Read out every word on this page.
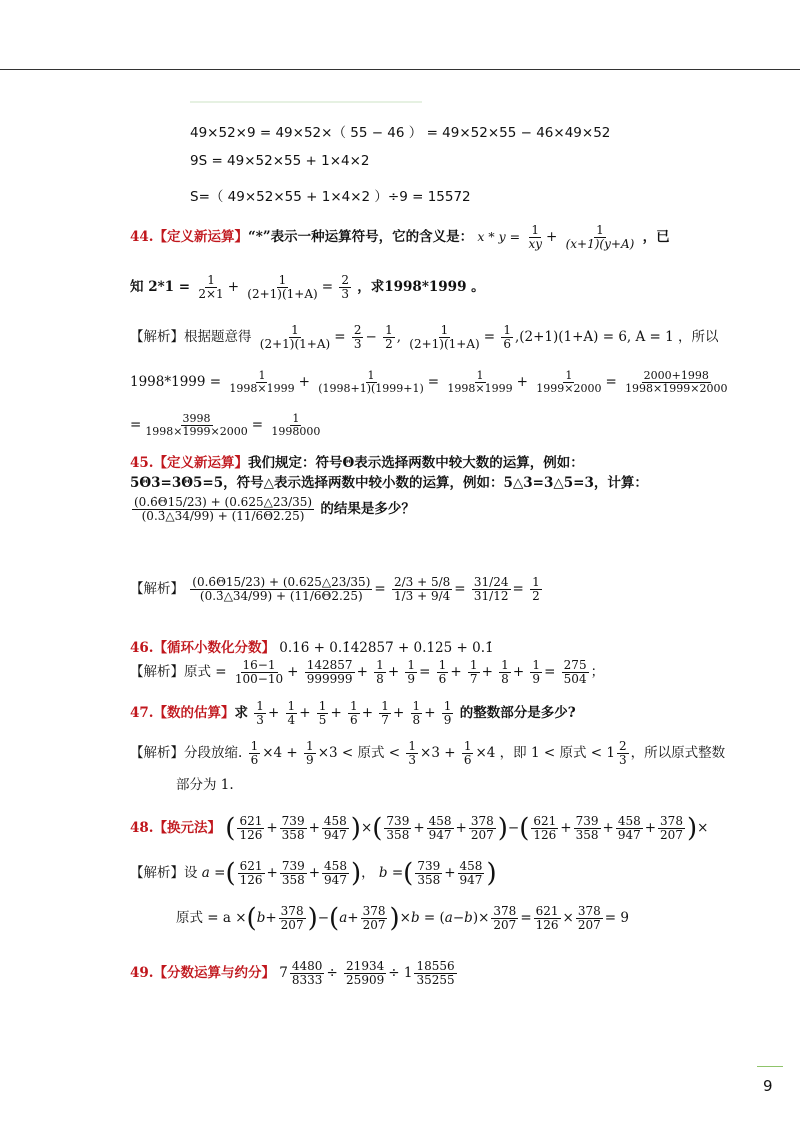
49×52×9 = 49×52×（ 55 − 46 ） = 49×52×55 − 46×49×52
9S = 49×52×55 + 1×4×2
S=（ 49×52×55 + 1×4×2 ）÷9 = 15572
44.【定义新运算】“*”表示一种运算符号，它的含义是： $x * y = \frac{1}{xy} + \frac{1}{(x+1)(y+A)}$ ，已
知 $2*1 = \frac{1}{2\times 1} + \frac{1}{(2+1)(1+A)} = \frac{2}{3}$ ，求1998*1999 。
【解析】根据题意得 $\frac{1}{(2+1)(1+A)} = \frac{2}{3} - \frac{1}{2}$ , $\frac{1}{(2+1)(1+A)} = \frac{1}{6} ,(2+1)(1+A) = 6$, A = 1 ，所以
$1998*1999 = \frac{1}{1998\times 1999} + \frac{1}{(1998+1)(1999+1)} = \frac{1}{1998\times 1999} + \frac{1}{1999\times 2000} = \frac{2000+1998}{1998\times 1999\times 2000}$
= $\frac{3998}{1998\times 1999\times 2000} = \frac{1}{1998000}$
45.【定义新运算】我们规定：符号Θ表示选择两数中较大数的运算，例如：
5Θ3=3Θ5=5，符号△表示选择两数中较小数的运算，例如：5△3=3△5=3，计算：
$\frac{(0.6̇\Theta 15/23) + (0.625\triangle 23/35)}{(0.3̇\triangle 34/99) + (11/6\Theta 2.25)}$ 的结果是多少？
【解析】 $\frac{(0.6̇\Theta 15/23) + (0.625\triangle 23/35)}{(0.3̇\triangle 34/99) + (11/6\Theta 2.25)} = \frac{2/3 + 5/8}{1/3 + 9/4} = \frac{31/24}{31/12} = \frac{1}{2}$
46.【循环小数化分数】 0.16̇ + 0.1̇42857̇ + 0.125 + 0.1̇
【解析】原式 = $\frac{16-1}{100-10} + \frac{142857}{999999} + \frac{1}{8} + \frac{1}{9} = \frac{1}{6} + \frac{1}{7} + \frac{1}{8} + \frac{1}{9} = \frac{275}{504}$ ；
47.【数的估算】求 $\frac{1}{3} + \frac{1}{4} + \frac{1}{5} + \frac{1}{6} + \frac{1}{7} + \frac{1}{8} + \frac{1}{9}$ 的整数部分是多少?
【解析】分段放缩. $\frac{1}{6} \times 4 + \frac{1}{9} \times 3$ < 原式 < $\frac{1}{3} \times 3 + \frac{1}{6} \times 4$ ，即 1 < 原式 < $1 \frac{2}{3}$ ，所以原式整数
部分为 1.
48.【换元法】 ( $\frac{621}{126} + \frac{739}{358} + \frac{458}{947}$ )×( $\frac{739}{358} + \frac{458}{947} + \frac{378}{207}$ )−( $\frac{621}{126} + \frac{739}{358} + \frac{458}{947} + \frac{378}{207}$ )×
【解析】设 a =( $\frac{621}{126} + \frac{739}{358} + \frac{458}{947}$ )， b =( $\frac{739}{358} + \frac{458}{947}$ )
原式 = $a \times(b+ \frac{378}{207} )-(a+ \frac{378}{207} )\times b = (a-b)\times \frac{378}{207} = \frac{621}{126} \times \frac{378}{207} = 9$
49.【分数运算与约分】 $7 \frac{4480}{8333} \div \frac{21934}{25909} \div 1 \frac{18556}{35255}$
9
